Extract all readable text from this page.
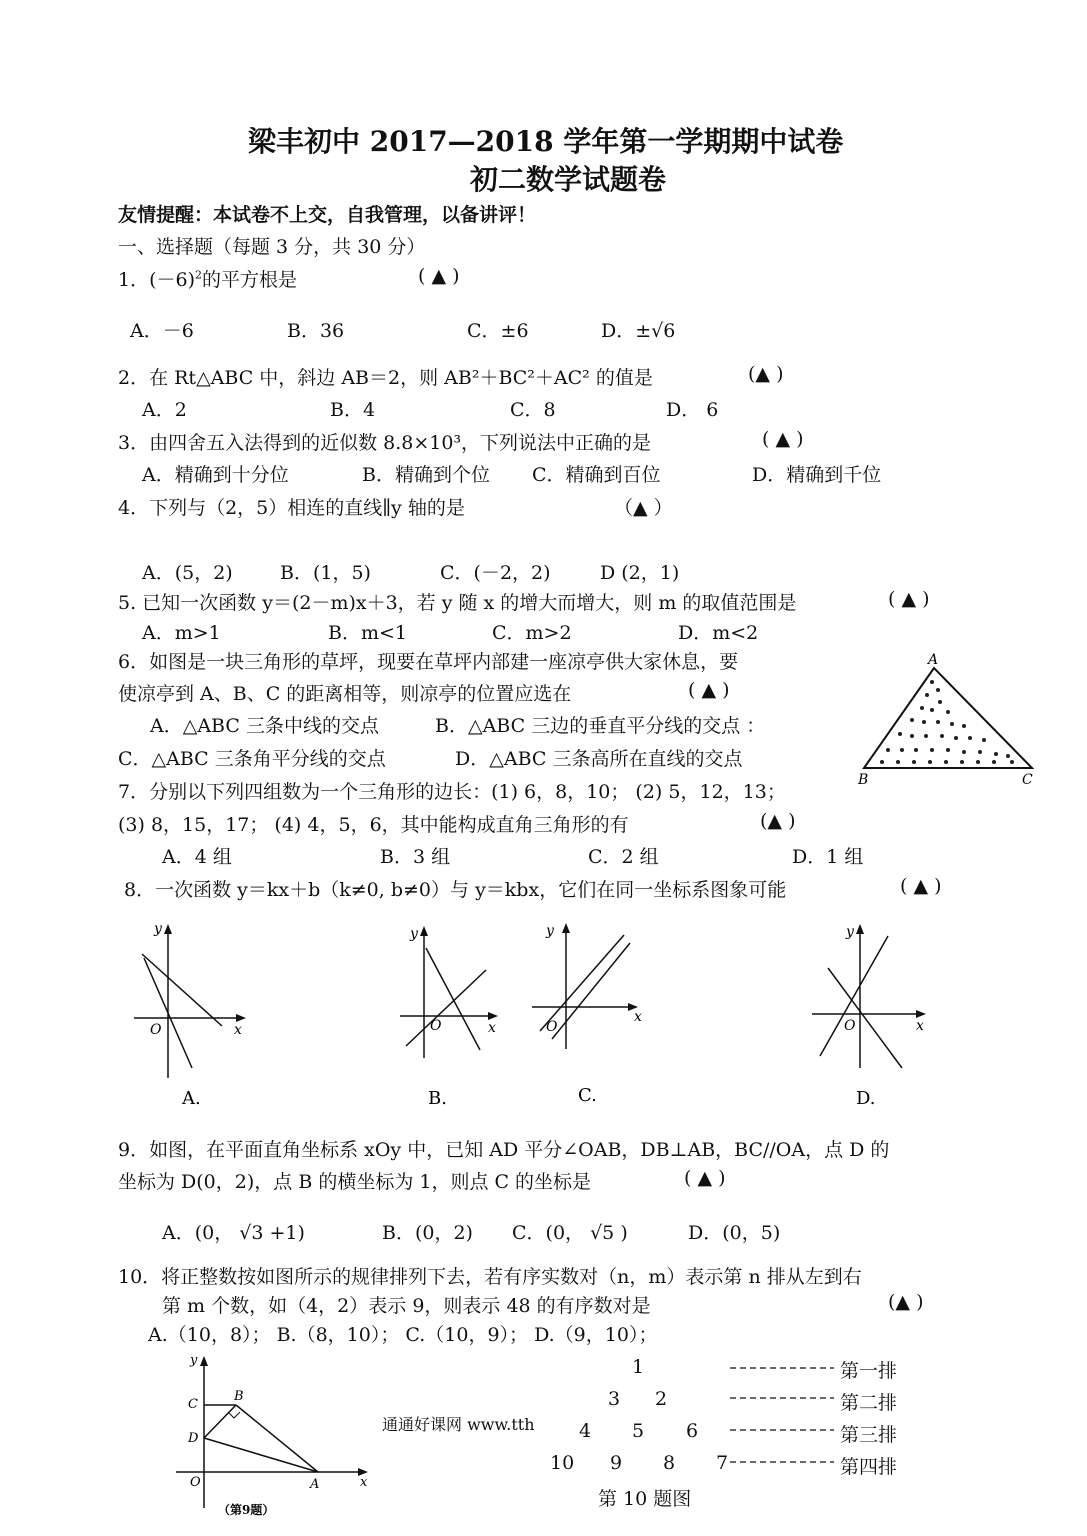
梁丰初中 2017—2018 学年第一学期期中试卷
初二数学试题卷
友情提醒：本试卷不上交，自我管理，以备讲评！
一、选择题（每题 3 分，共 30 分）
1．$(-6)^2$的平方根是	( ▲ )
A．－6	B．36	C．±6	D．±√6
2．在 Rt△ABC 中，斜边 AB＝2，则 AB²＋BC²＋AC² 的值是	(▲ )
A．2	B．4	C．8	D． 6
3．由四舍五入法得到的近似数 8.8×10³，下列说法中正确的是	( ▲ )
A．精确到十分位	B．精确到个位 C．精确到百位	D．精确到千位
4．下列与（2，5）相连的直线∥y 轴的是	（▲ ）
A．(5，2) B．(1，5)	C．(－2，2)	D (2，1)
5. 已知一次函数 y＝(2－m)x＋3，若 y 随 x 的增大而增大，则 m 的取值范围是	( ▲ )
A．m>1	B．m<1	C．m>2	D．m<2
6．如图是一块三角形的草坪，现要在草坪内部建一座凉亭供大家休息，要
使凉亭到 A、B、C 的距离相等，则凉亭的位置应选在	( ▲ )
A．△ABC 三条中线的交点	B．△ABC 三边的垂直平分线的交点 ：
C．△ABC 三条角平分线的交点	D．△ABC 三条高所在直线的交点
A
B	C
7．分别以下列四组数为一个三角形的边长：(1) 6，8，10； (2) 5，12，13；
(3) 8，15，17； (4) 4，5，6，其中能构成直角三角形的有	(▲ )
A．4 组	B．3 组	C．2 组	D．1 组
8．一次函数 y＝kx＋b（k≠0, b≠0）与 y＝kbx，它们在同一坐标系图象可能	( ▲ )
y
x
O
A.
y
x
O
B.
y
x
O
C.
y
x
O
D.
9．如图，在平面直角坐标系 xOy 中，已知 AD 平分∠OAB，DB⊥AB，BC//OA，点 D 的
坐标为 D(0，2)，点 B 的横坐标为 1，则点 C 的坐标是	( ▲ )
A．(0， √3 +1)	B．(0，2) C．(0， √5 )	D．(0，5)
10．将正整数按如图所示的规律排列下去，若有序实数对（n，m）表示第 n 排从左到右
第 m 个数，如（4，2）表示 9，则表示 48 的有序数对是	(▲ )
A.（10，8）； B.（8，10）； C.（10，9）； D.（9，10）；
y
x
C
B
D
O	A
（第9题）
通通好课网 www.tth
1
3 2
4 5 6
10 9 8 7
第一排
第二排
第三排
第四排
第 10 题图
